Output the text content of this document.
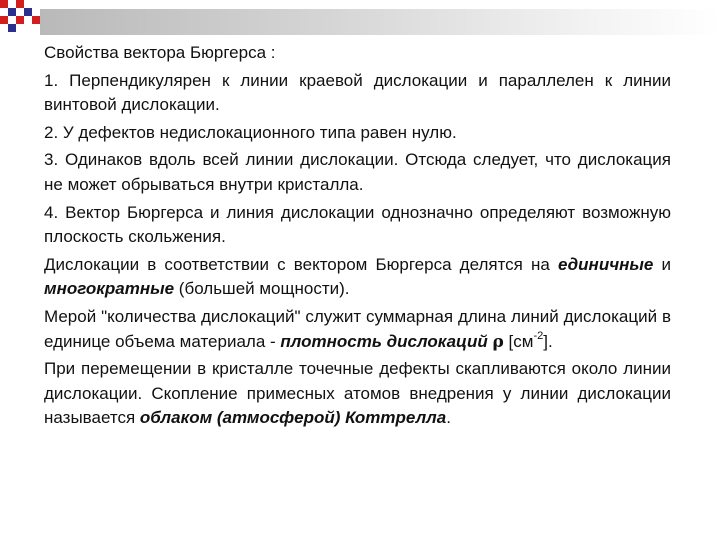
Свойства вектора Бюргерса :

1. Перпендикулярен к линии краевой дислокации и параллелен к линии винтовой дислокации.

2. У дефектов недислокационного типа равен нулю.

3. Одинаков вдоль всей линии дислокации. Отсюда следует, что дислокация не может обрываться внутри кристалла.

4. Вектор Бюргерса и линия дислокации однозначно определяют возможную плоскость скольжения.

Дислокации в соответствии с вектором Бюргерса делятся на единичные и многократные (большей мощности).

Мерой "количества дислокаций" служит суммарная длина линий дислокаций в единице объема материала - плотность дислокаций ρ $[см^{-2}]$.

При перемещении в кристалле точечные дефекты скапливаются около линии дислокации. Скопление примесных атомов внедрения у линии дислокации называется облаком (атмосферой) Коттрелла.
